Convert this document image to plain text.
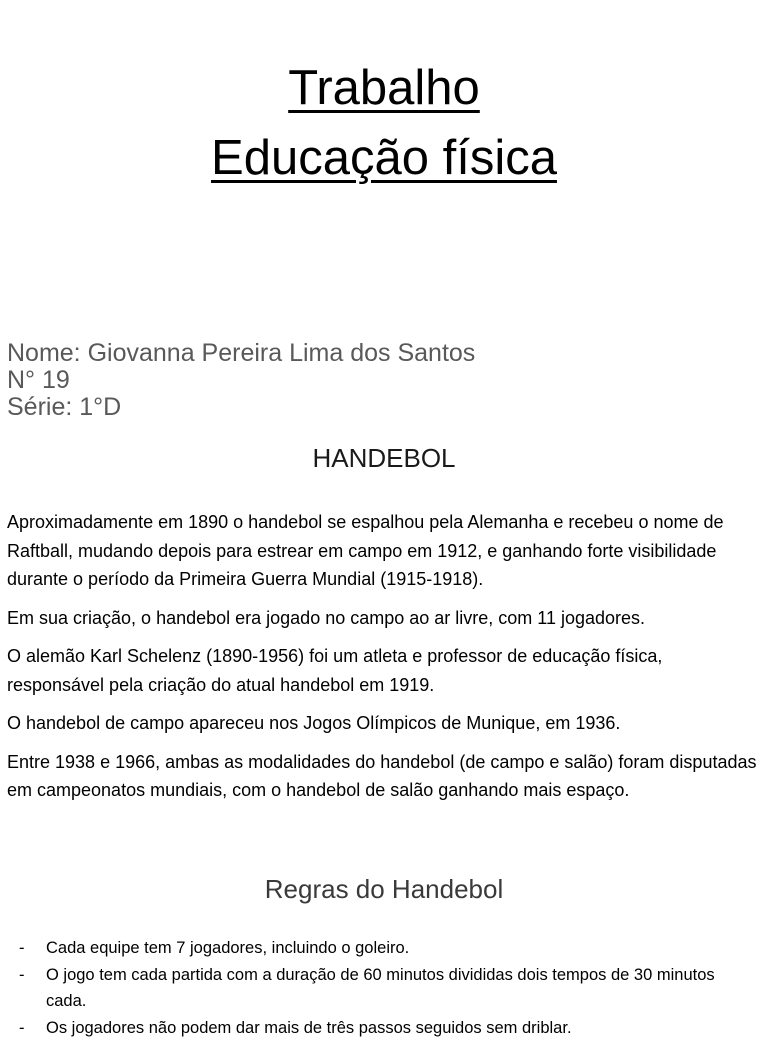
Trabalho
Educação física
Nome: Giovanna Pereira Lima dos Santos
N° 19
Série: 1°D
HANDEBOL

Aproximadamente em 1890 o handebol se espalhou pela Alemanha e recebeu o nome de Raftball, mudando depois para estrear em campo em 1912, e ganhando forte visibilidade durante o período da Primeira Guerra Mundial (1915-1918).

Em sua criação, o handebol era jogado no campo ao ar livre, com 11 jogadores.

O alemão Karl Schelenz (1890-1956) foi um atleta e professor de educação física, responsável pela criação do atual handebol em 1919.

O handebol de campo apareceu nos Jogos Olímpicos de Munique, em 1936.

Entre 1938 e 1966, ambas as modalidades do handebol (de campo e salão) foram disputadas em campeonatos mundiais, com o handebol de salão ganhando mais espaço.

Regras do Handebol
- Cada equipe tem 7 jogadores, incluindo o goleiro.
- O jogo tem cada partida com a duração de 60 minutos divididas dois tempos de 30 minutos cada.
- Os jogadores não podem dar mais de três passos seguidos sem driblar.
